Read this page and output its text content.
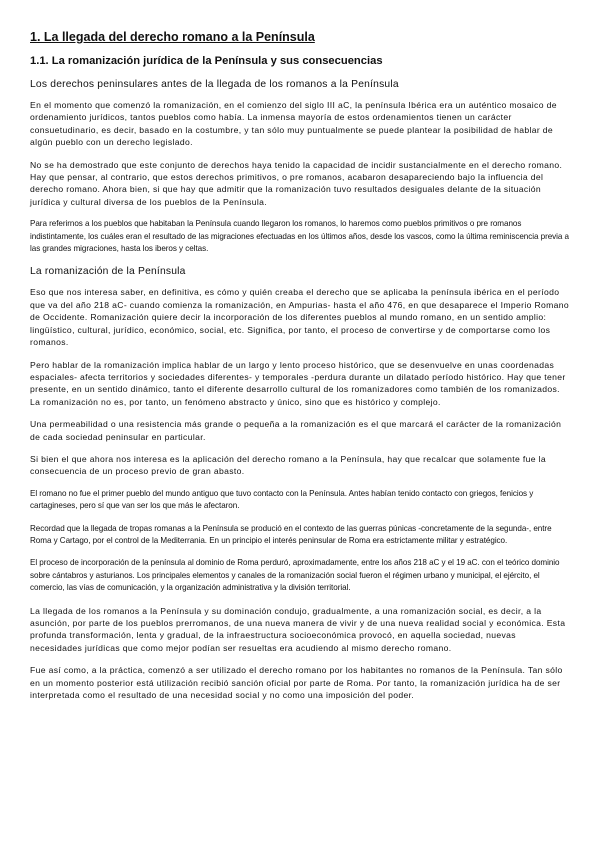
1. La llegada del derecho romano a la Península
1.1. La romanización jurídica de la Península y sus consecuencias
Los derechos peninsulares antes de la llegada de los romanos a la Península

En el momento que comenzó la romanización, en el comienzo del siglo III aC, la península Ibérica era un auténtico mosaico de ordenamiento jurídicos, tantos pueblos como había. La inmensa mayoría de estos ordenamientos tienen un carácter consuetudinario, es decir, basado en la costumbre, y tan sólo muy puntualmente se puede plantear la posibilidad de hablar de algún pueblo con un derecho legislado.

No se ha demostrado que este conjunto de derechos haya tenido la capacidad de incidir sustancialmente en el derecho romano. Hay que pensar, al contrario, que estos derechos primitivos, o pre romanos, acabaron desapareciendo bajo la influencia del derecho romano. Ahora bien, si que hay que admitir que la romanización tuvo resultados desiguales delante de la situación jurídica y cultural diversa de los pueblos de la Península.

Para referirnos a los pueblos que habitaban la Península cuando llegaron los romanos, lo haremos como pueblos primitivos o pre romanos indistintamente, los cuáles eran el resultado de las migraciones efectuadas en los últimos años, desde los vascos, como la última reminiscencia previa a las grandes migraciones, hasta los iberos y celtas.

La romanización de la Península

Eso que nos interesa saber, en definitiva, es cómo y quién creaba el derecho que se aplicaba la península ibérica en el período que va del año 218 aC- cuando comienza la romanización, en Ampurias- hasta el año 476, en que desaparece el Imperio Romano de Occidente. Romanización quiere decir la incorporación de los diferentes pueblos al mundo romano, en un sentido amplio: lingüístico, cultural, jurídico, económico, social, etc. Significa, por tanto, el proceso de convertirse y de comportarse como los romanos.

Pero hablar de la romanización implica hablar de un largo y lento proceso histórico, que se desenvuelve en unas coordenadas espaciales- afecta territorios y sociedades diferentes- y temporales -perdura durante un dilatado período histórico. Hay que tener presente, en un sentido dinámico, tanto el diferente desarrollo cultural de los romanizadores como también de los romanizados. La romanización no es, por tanto, un fenómeno abstracto y único, sino que es histórico y complejo.

Una permeabilidad o una resistencia más grande o pequeña a la romanización es el que marcará el carácter de la romanización de cada sociedad peninsular en particular.

Si bien el que ahora nos interesa es la aplicación del derecho romano a la Península, hay que recalcar que solamente fue la consecuencia de un proceso previo de gran abasto.

El romano no fue el primer pueblo del mundo antiguo que tuvo contacto con la Península. Antes habían tenido contacto con griegos, fenicios y cartagineses, pero sí que van ser los que más le afectaron.

Recordad que la llegada de tropas romanas a la Península se produció en el contexto de las guerras púnicas -concretamente de la segunda-, entre Roma y Cartago, por el control de la Mediterrania. En un principio el interés peninsular de Roma era estrictamente militar y estratégico.

El proceso de incorporación de la península al dominio de Roma perduró, aproximadamente, entre los años 218 aC y el 19 aC. con el teórico dominio sobre cántabros y asturianos. Los principales elementos y canales de la romanización social fueron el régimen urbano y municipal, el ejército, el comercio, las vías de comunicación, y la organización administrativa y la división territorial.

La llegada de los romanos a la Península y su dominación condujo, gradualmente, a una romanización social, es decir, a la asunción, por parte de los pueblos prerromanos, de una nueva manera de vivir y de una nueva realidad social y económica. Esta profunda transformación, lenta y gradual, de la infraestructura socioeconómica provocó, en aquella sociedad, nuevas necesidades jurídicas que como mejor podían ser resueltas era acudiendo al mismo derecho romano.

Fue así como, a la práctica, comenzó a ser utilizado el derecho romano por los habitantes no romanos de la Península. Tan sólo en un momento posterior está utilización recibió sanción oficial por parte de Roma. Por tanto, la romanización jurídica ha de ser interpretada como el resultado de una necesidad social y no como una imposición del poder.
